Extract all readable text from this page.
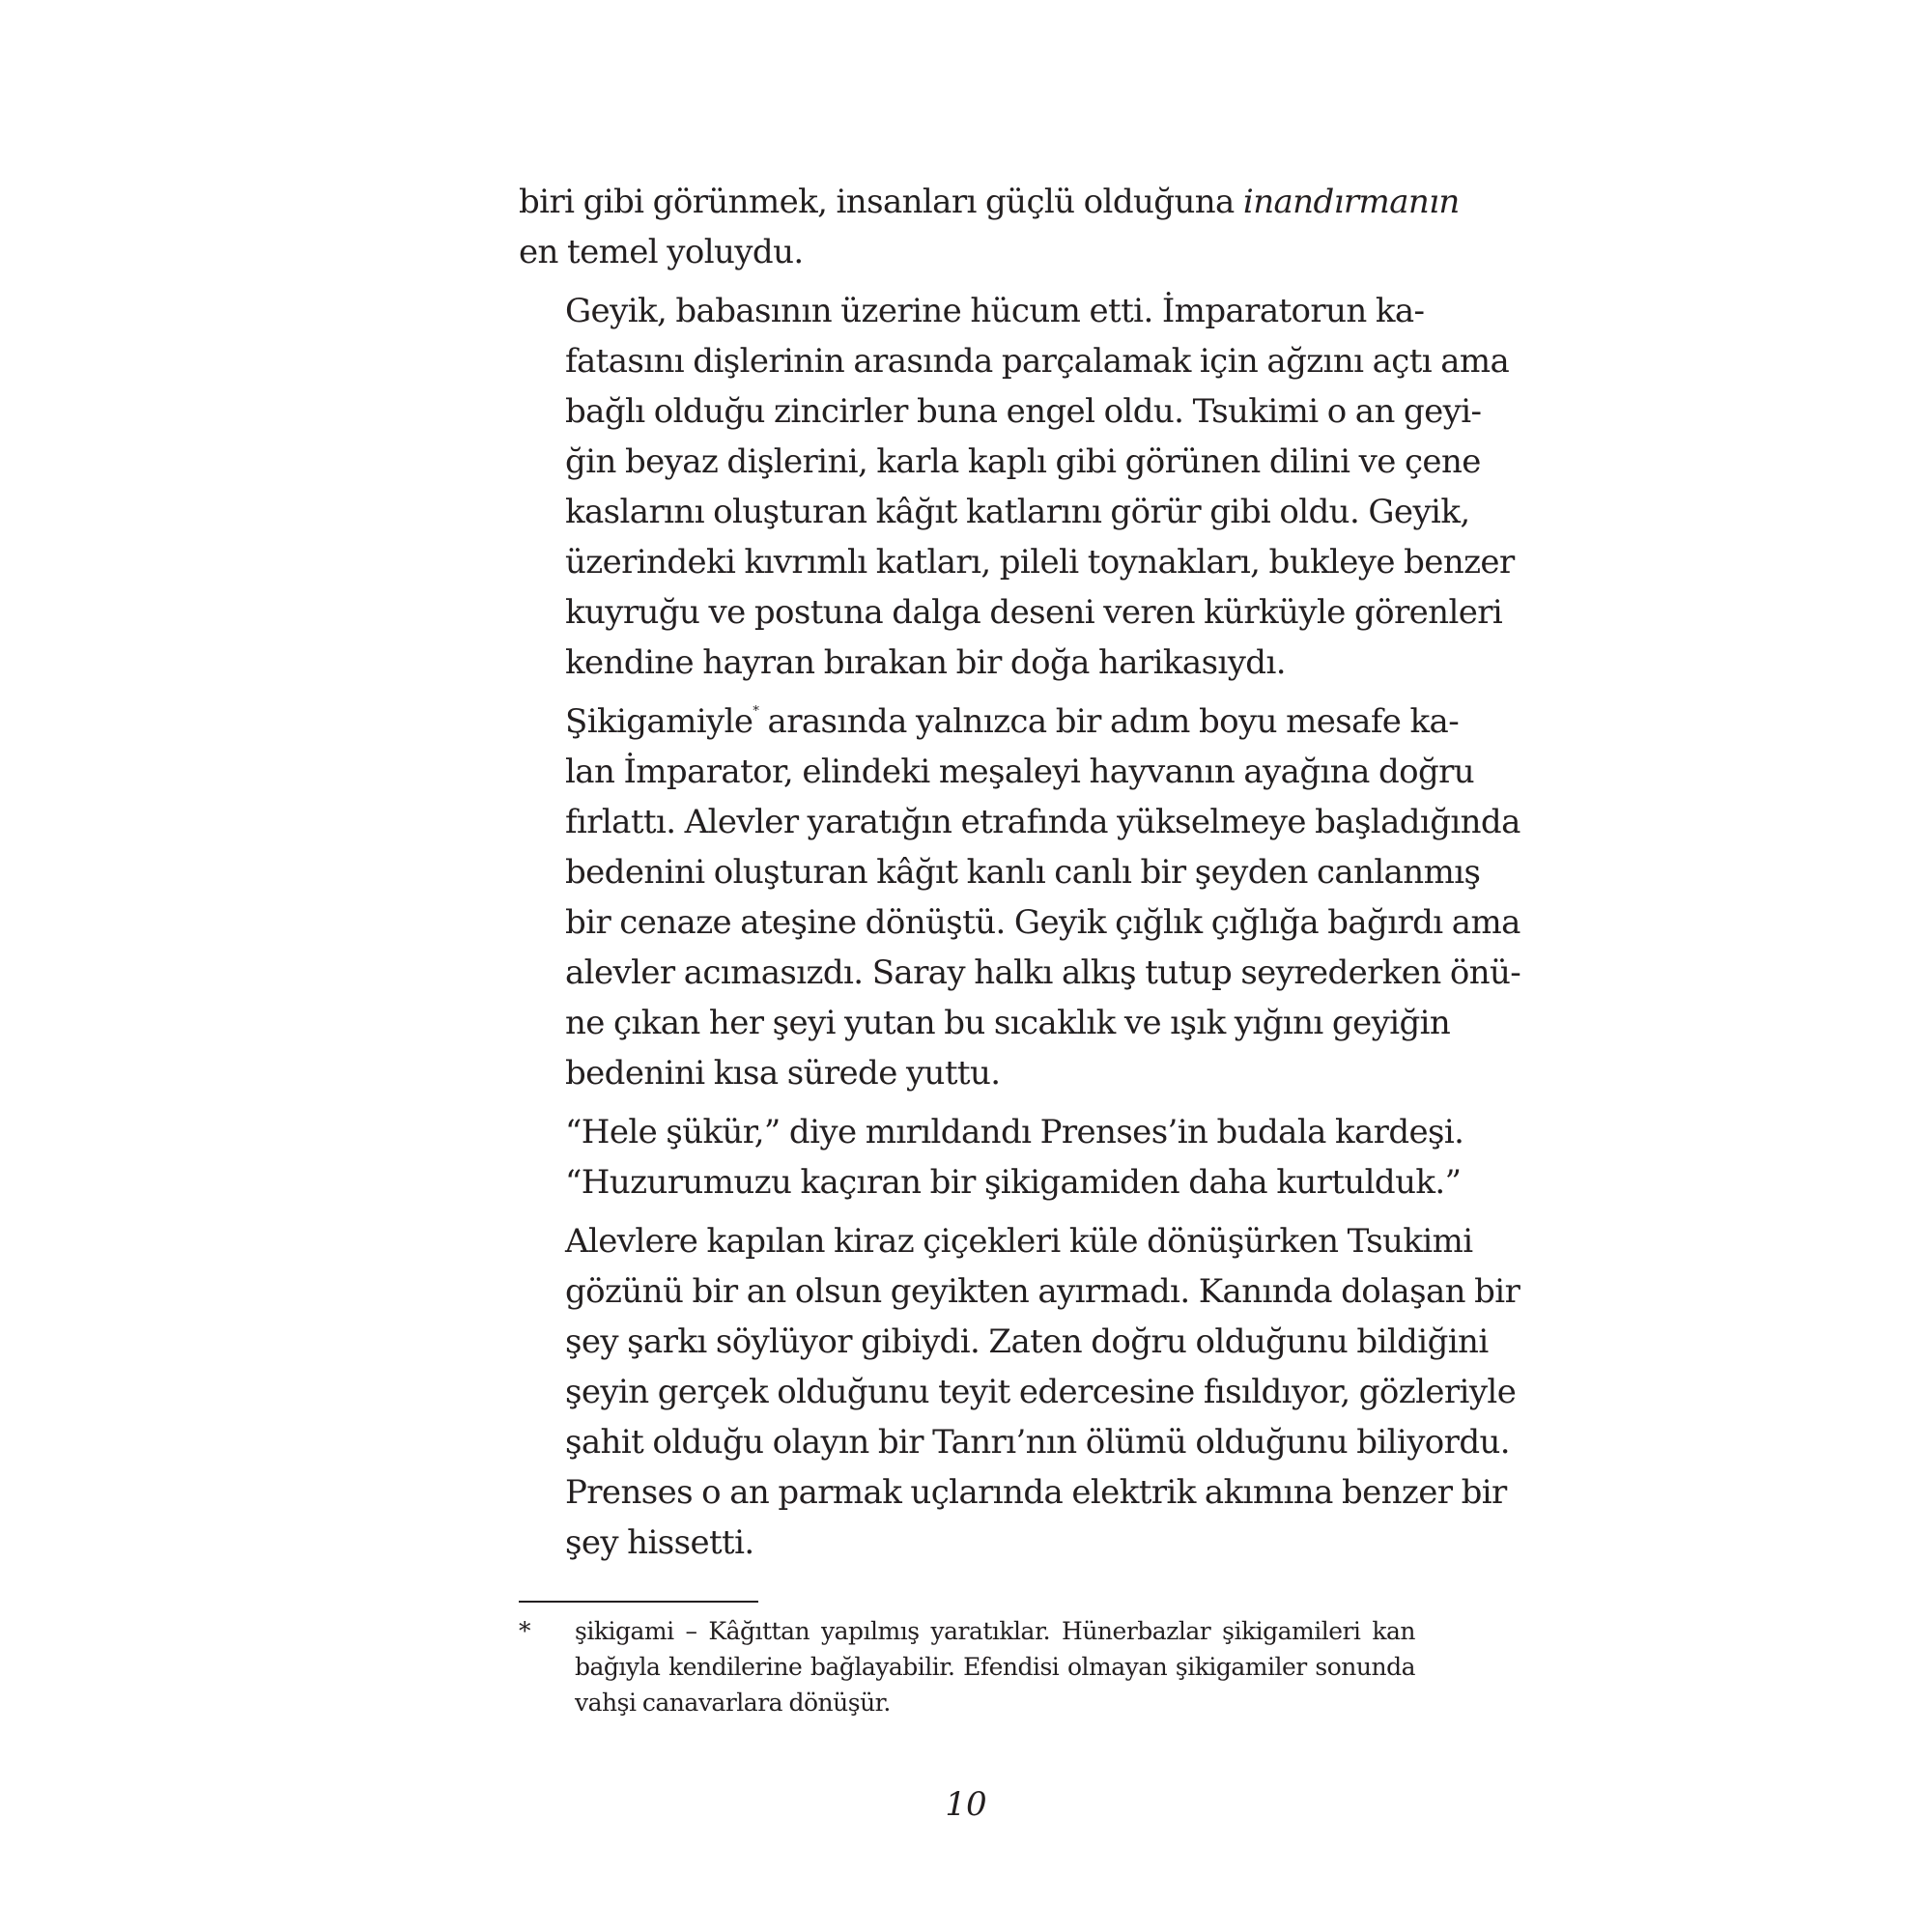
biri gibi görünmek, insanları güçlü olduğuna inandırmanın
en temel yoluydu.

Geyik, babasının üzerine hücum etti. İmparatorun ka-
fatasını dişlerinin arasında parçalamak için ağzını açtı ama
bağlı olduğu zincirler buna engel oldu. Tsukimi o an geyi-
ğin beyaz dişlerini, karla kaplı gibi görünen dilini ve çene
kaslarını oluşturan kâğıt katlarını görür gibi oldu. Geyik,
üzerindeki kıvrımlı katları, pileli toynakları, bukleye benzer
kuyruğu ve postuna dalga deseni veren kürküyle görenleri
kendine hayran bırakan bir doğa harikasıydı.

Şikigamiyle* arasında yalnızca bir adım boyu mesafe ka-
lan İmparator, elindeki meşaleyi hayvanın ayağına doğru
fırlattı. Alevler yaratığın etrafında yükselmeye başladığında
bedenini oluşturan kâğıt kanlı canlı bir şeyden canlanmış
bir cenaze ateşine dönüştü. Geyik çığlık çığlığa bağırdı ama
alevler acımasızdı. Saray halkı alkış tutup seyrederken önü-
ne çıkan her şeyi yutan bu sıcaklık ve ışık yığını geyiğin
bedenini kısa sürede yuttu.

“Hele şükür,” diye mırıldandı Prenses’in budala kardeşi.
“Huzurumuzu kaçıran bir şikigamiden daha kurtulduk.”

Alevlere kapılan kiraz çiçekleri küle dönüşürken Tsukimi
gözünü bir an olsun geyikten ayırmadı. Kanında dolaşan bir
şey şarkı söylüyor gibiydi. Zaten doğru olduğunu bildiğini
şeyin gerçek olduğunu teyit edercesine fısıldıyor, gözleriyle
şahit olduğu olayın bir Tanrı’nın ölümü olduğunu biliyordu.
Prenses o an parmak uçlarında elektrik akımına benzer bir
şey hissetti.

* şikigami – Kâğıttan yapılmış yaratıklar. Hünerbazlar şikigamileri kan
bağıyla kendilerine bağlayabilir. Efendisi olmayan şikigamiler sonunda
vahşi canavarlara dönüşür.
10
